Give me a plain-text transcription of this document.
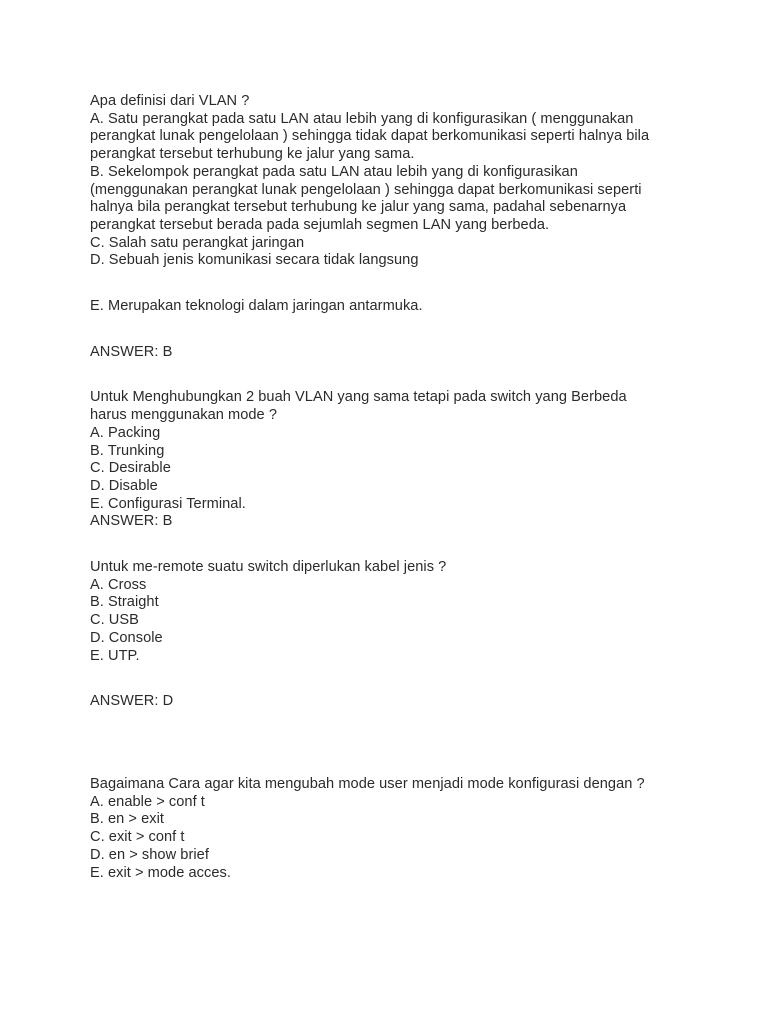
Apa definisi dari VLAN ?
A. Satu perangkat pada satu LAN atau lebih yang di konfigurasikan ( menggunakan
perangkat lunak pengelolaan ) sehingga tidak dapat berkomunikasi seperti halnya bila
perangkat tersebut terhubung ke jalur yang sama.
B. Sekelompok perangkat pada satu LAN atau lebih yang di konfigurasikan
(menggunakan perangkat lunak pengelolaan ) sehingga dapat berkomunikasi seperti
halnya bila perangkat tersebut terhubung ke jalur yang sama, padahal sebenarnya
perangkat tersebut berada pada sejumlah segmen LAN yang berbeda.
C. Salah satu perangkat jaringan
D. Sebuah jenis komunikasi secara tidak langsung
E. Merupakan teknologi dalam jaringan antarmuka.
ANSWER: B
Untuk Menghubungkan 2 buah VLAN yang sama tetapi pada switch yang Berbeda
harus menggunakan mode ?
A. Packing
B. Trunking
C. Desirable
D. Disable
E. Configurasi Terminal.
ANSWER: B
Untuk me-remote suatu switch diperlukan kabel jenis ?
A. Cross
B. Straight
C. USB
D. Console
E. UTP.
ANSWER: D
Bagaimana Cara agar kita mengubah mode user menjadi mode konfigurasi dengan ?
A. enable > conf t
B. en > exit
C. exit > conf t
D. en > show brief
E. exit > mode acces.
